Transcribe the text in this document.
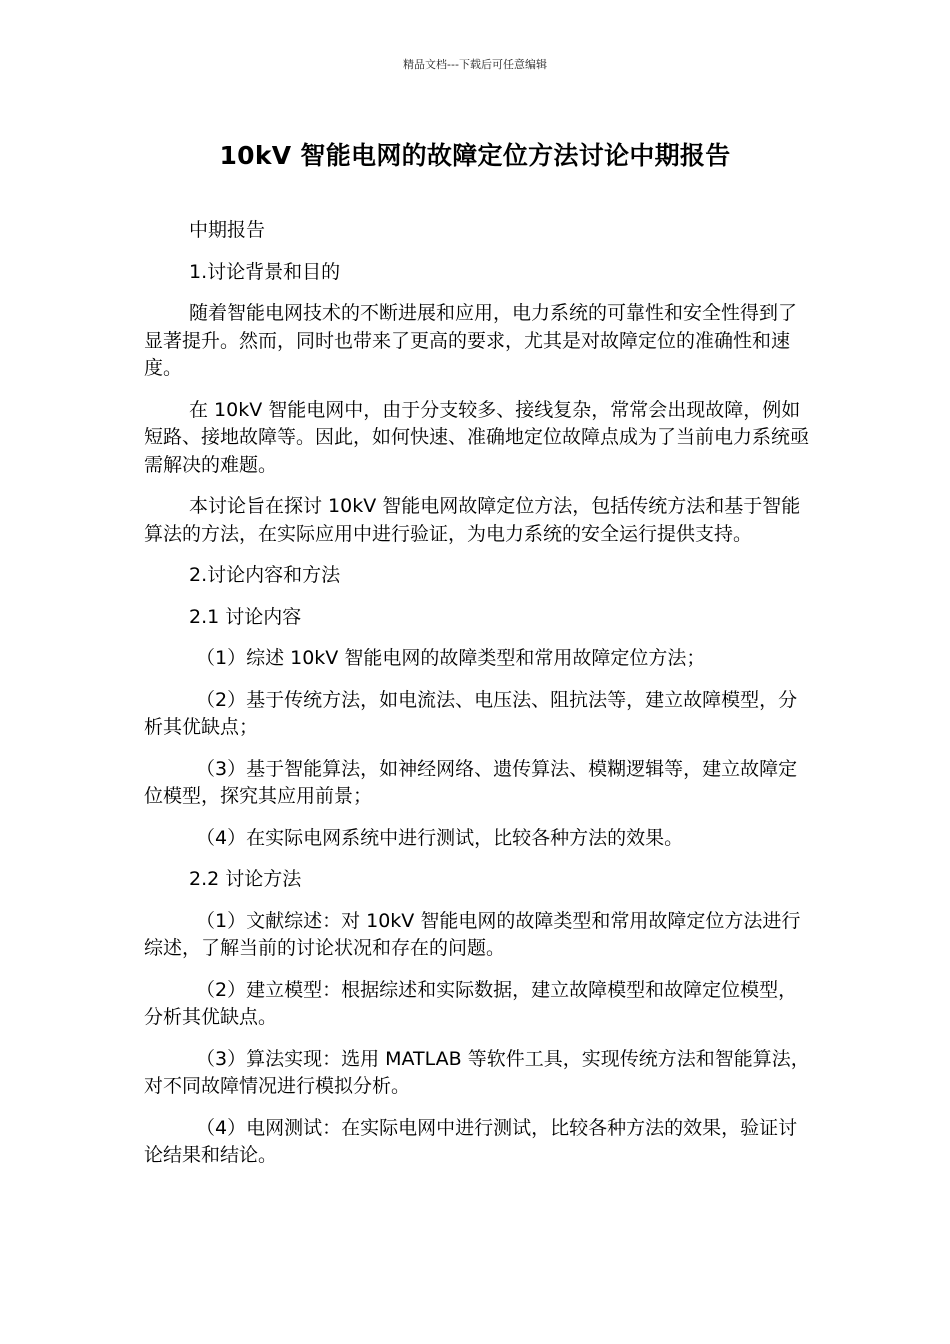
精品文档---下载后可任意编辑
10kV 智能电网的故障定位方法讨论中期报告

中期报告

1.讨论背景和目的

随着智能电网技术的不断进展和应用，电力系统的可靠性和安全性得到了显著提升。然而，同时也带来了更高的要求，尤其是对故障定位的准确性和速度。

在 10kV 智能电网中，由于分支较多、接线复杂，常常会出现故障，例如短路、接地故障等。因此，如何快速、准确地定位故障点成为了当前电力系统亟需解决的难题。

本讨论旨在探讨 10kV 智能电网故障定位方法，包括传统方法和基于智能算法的方法，在实际应用中进行验证，为电力系统的安全运行提供支持。

2.讨论内容和方法

2.1 讨论内容

（1）综述 10kV 智能电网的故障类型和常用故障定位方法；

（2）基于传统方法，如电流法、电压法、阻抗法等，建立故障模型，分析其优缺点；

（3）基于智能算法，如神经网络、遗传算法、模糊逻辑等，建立故障定位模型，探究其应用前景；

（4）在实际电网系统中进行测试，比较各种方法的效果。

2.2 讨论方法

（1）文献综述：对 10kV 智能电网的故障类型和常用故障定位方法进行综述，了解当前的讨论状况和存在的问题。

（2）建立模型：根据综述和实际数据，建立故障模型和故障定位模型，分析其优缺点。

（3）算法实现：选用 MATLAB 等软件工具，实现传统方法和智能算法，对不同故障情况进行模拟分析。

（4）电网测试：在实际电网中进行测试，比较各种方法的效果，验证讨论结果和结论。
